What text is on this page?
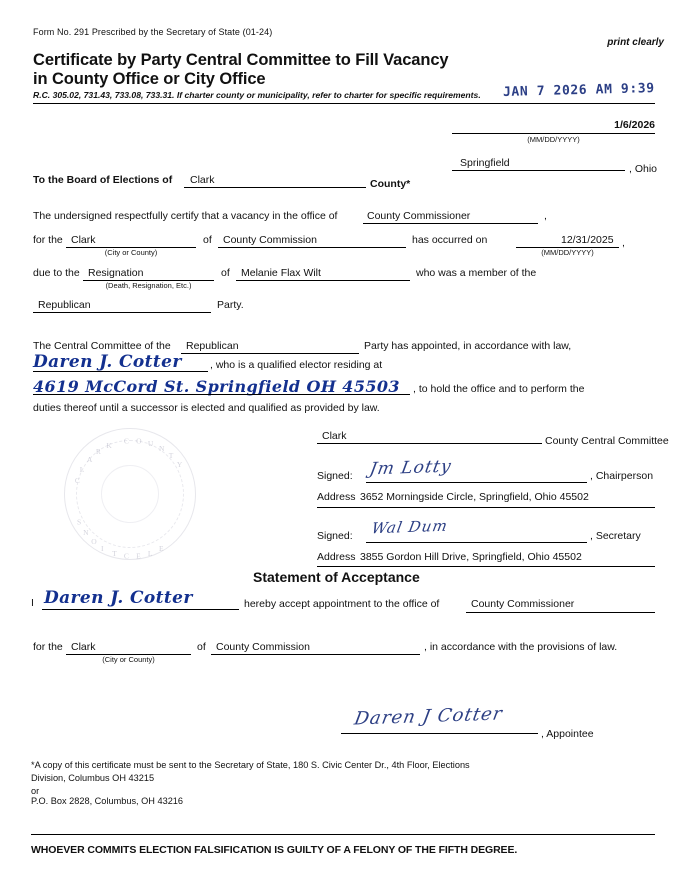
Form No. 291 Prescribed by the Secretary of State (01-24)
print clearly
Certificate by Party Central Committee to Fill Vacancy
in County Office or City Office
R.C. 305.02, 731.43, 733.08, 733.31. If charter county or municipality, refer to charter for specific requirements.	JAN 7 2026 AM 9:39
1/6/2026
(MM/DD/YYYY)
Springfield	, Ohio
To the Board of Elections of Clark	County*
The undersigned respectfully certify that a vacancy in the office of	County Commissioner	,
for the Clark
(City or County)
of County Commission	has occurred on	12/31/2025
(MM/DD/YYYY)
,
due to the Resignation
(Death, Resignation, Etc.)
of Melanie Flax Wilt	who was a member of the
Republican	Party.
The Central Committee of the Republican	Party has appointed, in accordance with law,
Daren J. Cotter	, who is a qualified elector residing at
4619 McCord St. Springfield OH 45503 , to hold the office and to perform the
duties thereof until a successor is elected and qualified as provided by law.
C
L
A
R
K
C O U
N
T
Y
E
L
E
C
T
I
O
N
S
Clark	County Central Committee
Signed: Jm Lotty	, Chairperson
Address 3652 Morningside Circle, Springfield, Ohio 45502
Signed: Wal Dum	, Secretary
Address 3855 Gordon Hill Drive, Springfield, Ohio 45502
Statement of Acceptance
I Daren J. Cotter	hereby accept appointment to the office of	County Commissioner
for the Clark
(City or County)
of County Commission	, in accordance with the provisions of law.
Daren J Cotter
, Appointee
*A copy of this certificate must be sent to the Secretary of State, 180 S. Civic Center Dr., 4th Floor, Elections
Division, Columbus OH 43215
or
P.O. Box 2828, Columbus, OH 43216
WHOEVER COMMITS ELECTION FALSIFICATION IS GUILTY OF A FELONY OF THE FIFTH DEGREE.
